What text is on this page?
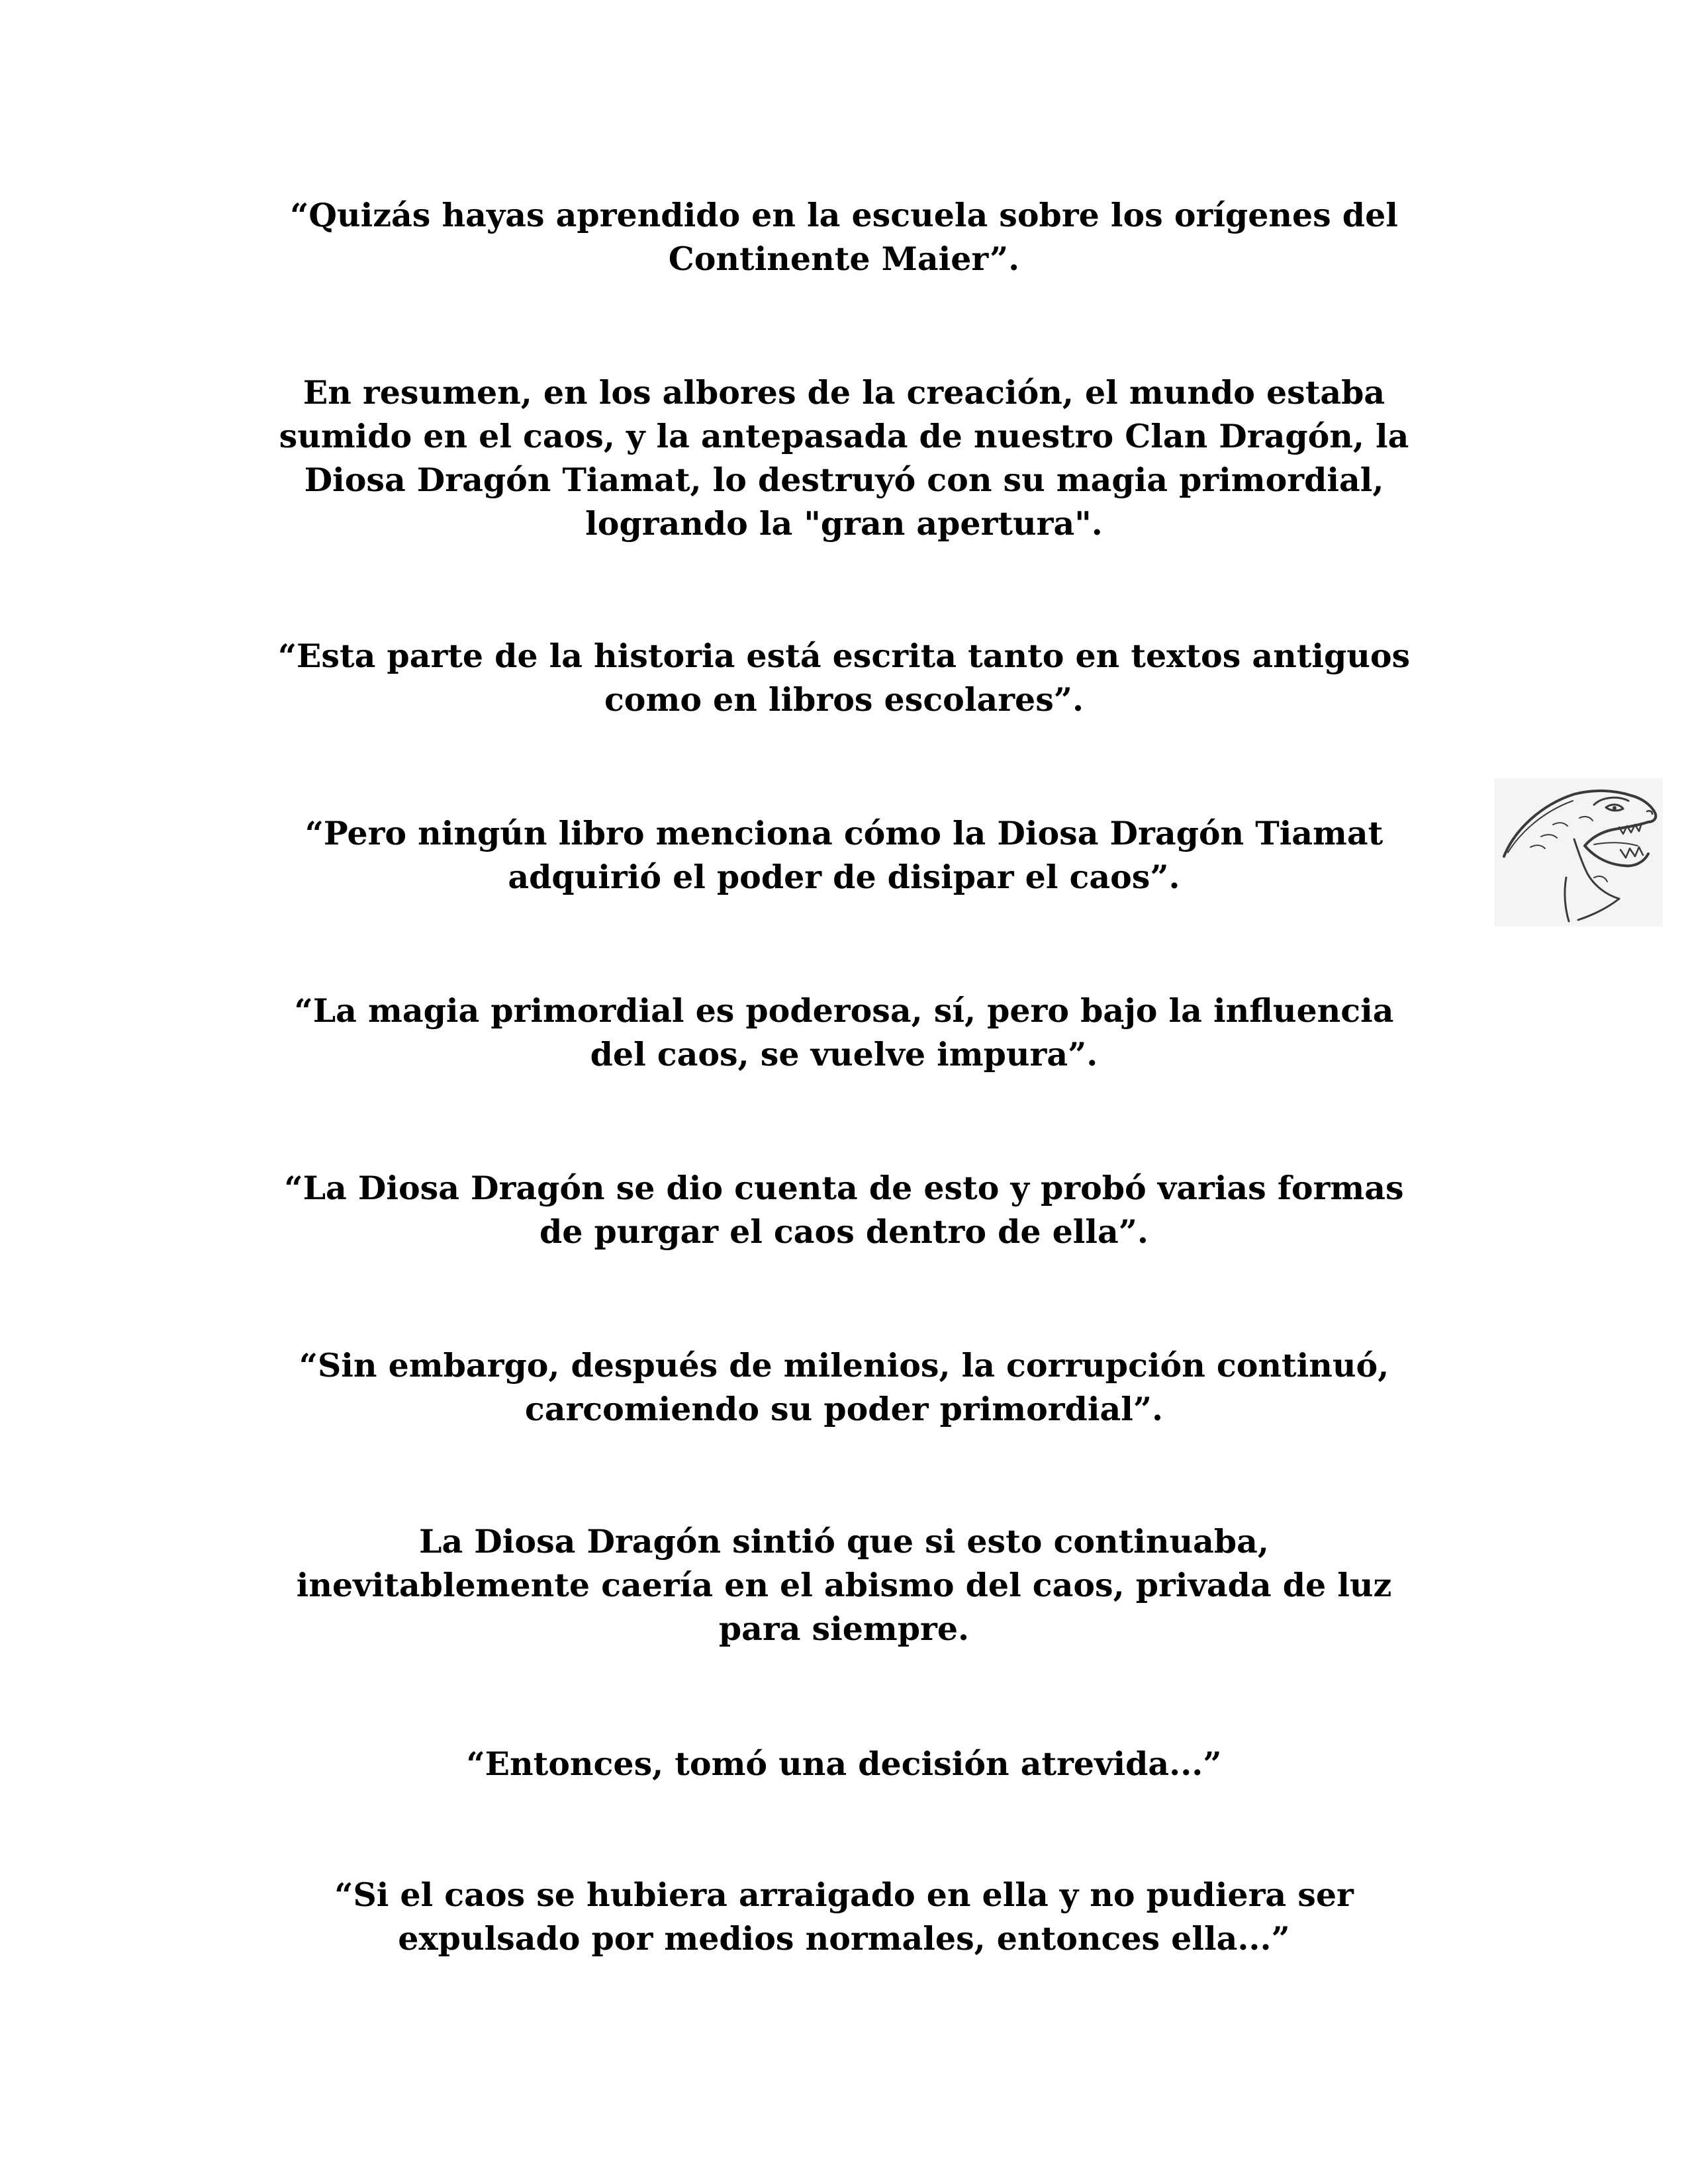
“Quizás hayas aprendido en la escuela sobre los orígenes del
Continente Maier”.
En resumen, en los albores de la creación, el mundo estaba
sumido en el caos, y la antepasada de nuestro Clan Dragón, la
Diosa Dragón Tiamat, lo destruyó con su magia primordial,
logrando la "gran apertura".
“Esta parte de la historia está escrita tanto en textos antiguos
como en libros escolares”.
“Pero ningún libro menciona cómo la Diosa Dragón Tiamat
adquirió el poder de disipar el caos”.
“La magia primordial es poderosa, sí, pero bajo la influencia
del caos, se vuelve impura”.
“La Diosa Dragón se dio cuenta de esto y probó varias formas
de purgar el caos dentro de ella”.
“Sin embargo, después de milenios, la corrupción continuó,
carcomiendo su poder primordial”.
La Diosa Dragón sintió que si esto continuaba,
inevitablemente caería en el abismo del caos, privada de luz
para siempre.
“Entonces, tomó una decisión atrevida...”
“Si el caos se hubiera arraigado en ella y no pudiera ser
expulsado por medios normales, entonces ella...”
